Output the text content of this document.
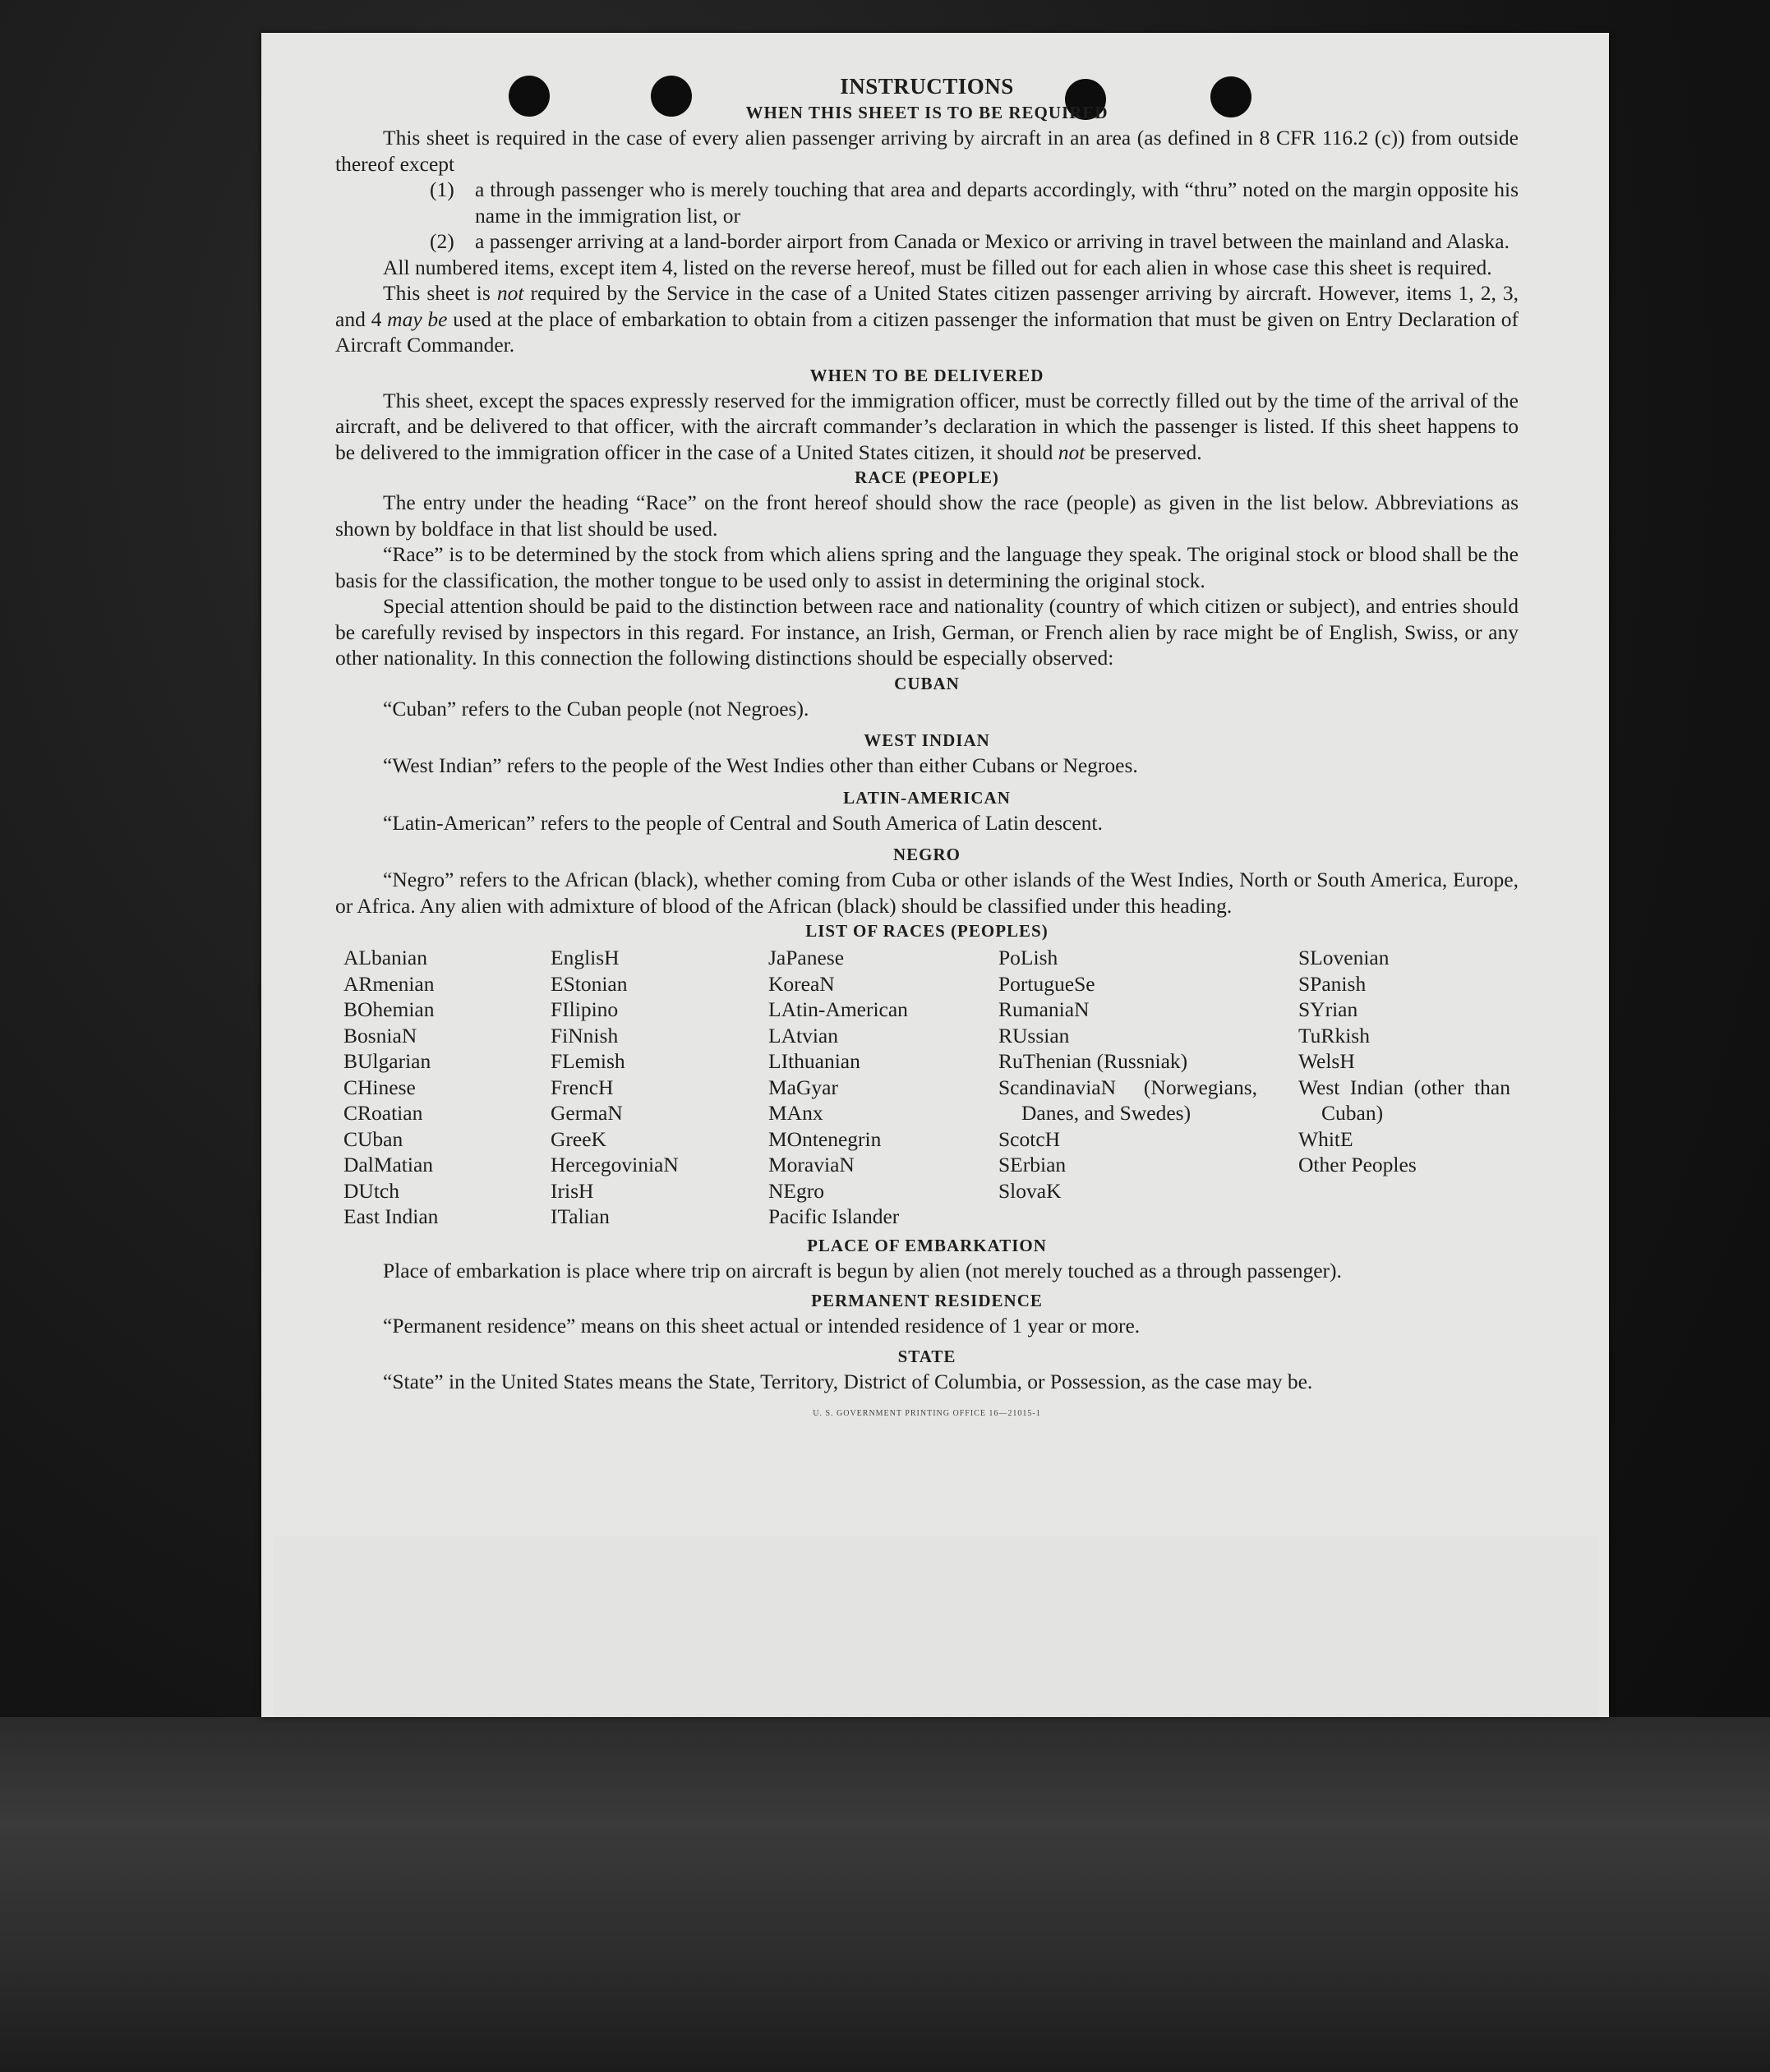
INSTRUCTIONS
WHEN THIS SHEET IS TO BE REQUIRED

This sheet is required in the case of every alien passenger arriving by aircraft in an area (as defined in 8 CFR 116.2 (c)) from outside thereof except

(1) a through passenger who is merely touching that area and departs accordingly, with “thru” noted on the margin opposite his name in the immigration list, or
(2) a passenger arriving at a land-border airport from Canada or Mexico or arriving in travel between the mainland and Alaska.

All numbered items, except item 4, listed on the reverse hereof, must be filled out for each alien in whose case this sheet is required.

This sheet is not required by the Service in the case of a United States citizen passenger arriving by aircraft. However, items 1, 2, 3, and 4 may be used at the place of embarkation to obtain from a citizen passenger the information that must be given on Entry Declaration of Aircraft Commander.

WHEN TO BE DELIVERED

This sheet, except the spaces expressly reserved for the immigration officer, must be correctly filled out by the time of the arrival of the aircraft, and be delivered to that officer, with the aircraft commander’s declaration in which the passenger is listed. If this sheet happens to be delivered to the immigration officer in the case of a United States citizen, it should not be preserved.

RACE (PEOPLE)

The entry under the heading “Race” on the front hereof should show the race (people) as given in the list below. Abbreviations as shown by boldface in that list should be used.

“Race” is to be determined by the stock from which aliens spring and the language they speak. The original stock or blood shall be the basis for the classification, the mother tongue to be used only to assist in determining the original stock.

Special attention should be paid to the distinction between race and nationality (country of which citizen or subject), and entries should be carefully revised by inspectors in this regard. For instance, an Irish, German, or French alien by race might be of English, Swiss, or any other nationality. In this connection the following distinctions should be especially observed:

CUBAN

“Cuban” refers to the Cuban people (not Negroes).

WEST INDIAN

“West Indian” refers to the people of the West Indies other than either Cubans or Negroes.

LATIN-AMERICAN

“Latin-American” refers to the people of Central and South America of Latin descent.

NEGRO

“Negro” refers to the African (black), whether coming from Cuba or other islands of the West Indies, North or South America, Europe, or Africa. Any alien with admixture of blood of the African (black) should be classified under this heading.

LIST OF RACES (PEOPLES)
ALbanian
ARmenian
BOhemian
BosniaN
BUlgarian
CHinese
CRoatian
CUban
DalMatian
DUtch
East Indian
EnglisH
EStonian
FIlipino
FiNnish
FLemish
FrencH
GermaN
GreeK
HercegoviniaN
IrisH
ITalian
JaPanese
KoreaN
LAtin-American
LAtvian
LIthuanian
MaGyar
MAnx
MOntenegrin
MoraviaN
NEgro
Pacific Islander
PoLish
PortugueSe
RumaniaN
RUssian
RuThenian (Russniak)
ScandinaviaN (Norwegians, Danes, and Swedes)
ScotcH
SErbian
SlovaK
SLovenian
SPanish
SYrian
TuRkish
WelsH
West Indian (other than Cuban)
WhitE
Other Peoples
PLACE OF EMBARKATION

Place of embarkation is place where trip on aircraft is begun by alien (not merely touched as a through passenger).

PERMANENT RESIDENCE

“Permanent residence” means on this sheet actual or intended residence of 1 year or more.

STATE

“State” in the United States means the State, Territory, District of Columbia, or Possession, as the case may be.

U. S. GOVERNMENT PRINTING OFFICE 16—21015-1
